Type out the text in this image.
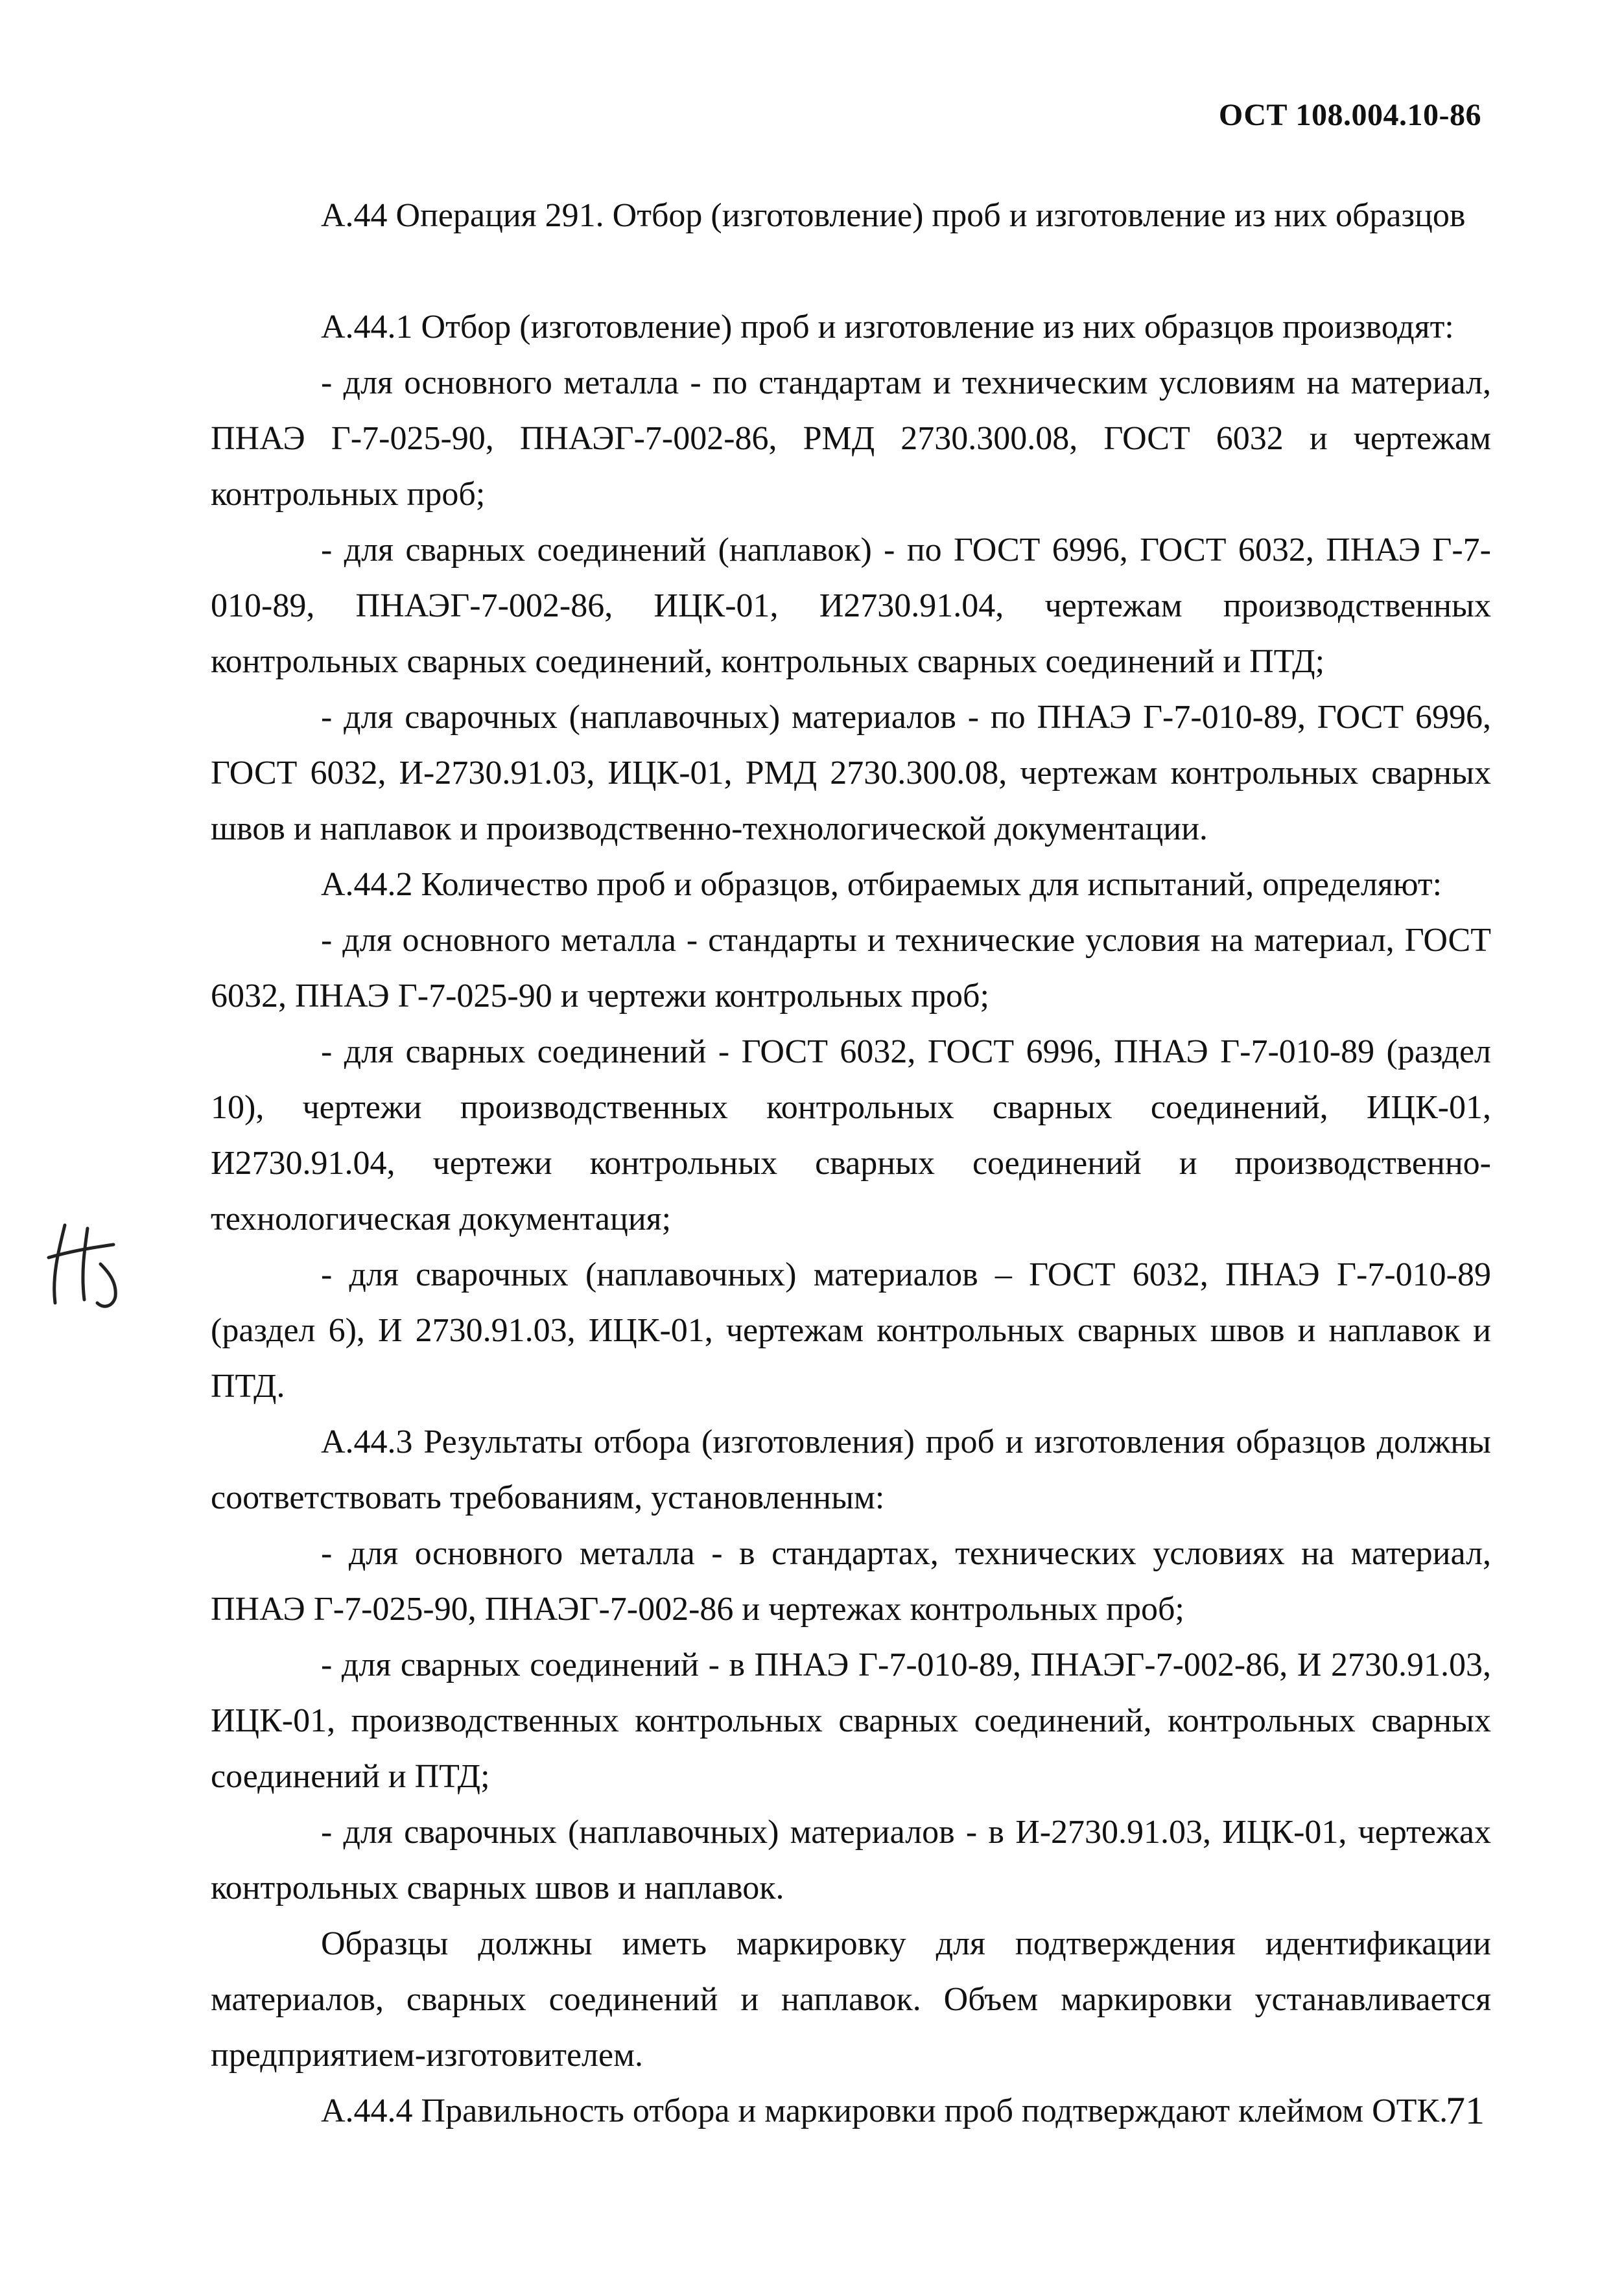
ОСТ 108.004.10-86

А.44 Операция 291. Отбор (изготовление) проб и изготовление из них образцов

А.44.1 Отбор (изготовление) проб и изготовление из них образцов производят:

- для основного металла - по стандартам и техническим условиям на материал, ПНАЭ Г-7-025-90, ПНАЭГ-7-002-86, РМД 2730.300.08, ГОСТ 6032 и чертежам контрольных проб;

- для сварных соединений (наплавок) - по ГОСТ 6996, ГОСТ 6032, ПНАЭ Г-7-010-89, ПНАЭГ-7-002-86, ИЦК-01, И2730.91.04, чертежам производственных контрольных сварных соединений, контрольных сварных соединений и ПТД;

- для сварочных (наплавочных) материалов - по ПНАЭ Г-7-010-89, ГОСТ 6996, ГОСТ 6032, И-2730.91.03, ИЦК-01, РМД 2730.300.08, чертежам контрольных сварных швов и наплавок и производственно-технологической документации.

А.44.2 Количество проб и образцов, отбираемых для испытаний, определяют:

- для основного металла - стандарты и технические условия на материал, ГОСТ 6032, ПНАЭ Г-7-025-90 и чертежи контрольных проб;

- для сварных соединений - ГОСТ 6032, ГОСТ 6996, ПНАЭ Г-7-010-89 (раздел 10), чертежи производственных контрольных сварных соединений, ИЦК-01, И2730.91.04, чертежи контрольных сварных соединений и производственно-технологическая документация;

- для сварочных (наплавочных) материалов – ГОСТ 6032, ПНАЭ Г-7-010-89 (раздел 6), И 2730.91.03, ИЦК-01, чертежам контрольных сварных швов и наплавок и ПТД.

А.44.3 Результаты отбора (изготовления) проб и изготовления образцов должны соответствовать требованиям, установленным:

- для основного металла - в стандартах, технических условиях на материал, ПНАЭ Г-7-025-90, ПНАЭГ-7-002-86 и чертежах контрольных проб;

- для сварных соединений - в ПНАЭ Г-7-010-89, ПНАЭГ-7-002-86, И 2730.91.03, ИЦК-01, производственных контрольных сварных соединений, контрольных сварных соединений и ПТД;

- для сварочных (наплавочных) материалов - в И-2730.91.03, ИЦК-01, чертежах контрольных сварных швов и наплавок.

Образцы должны иметь маркировку для подтверждения идентификации материалов, сварных соединений и наплавок. Объем маркировки устанавливается предприятием-изготовителем.

А.44.4 Правильность отбора и маркировки проб подтверждают клеймом ОТК.

71
